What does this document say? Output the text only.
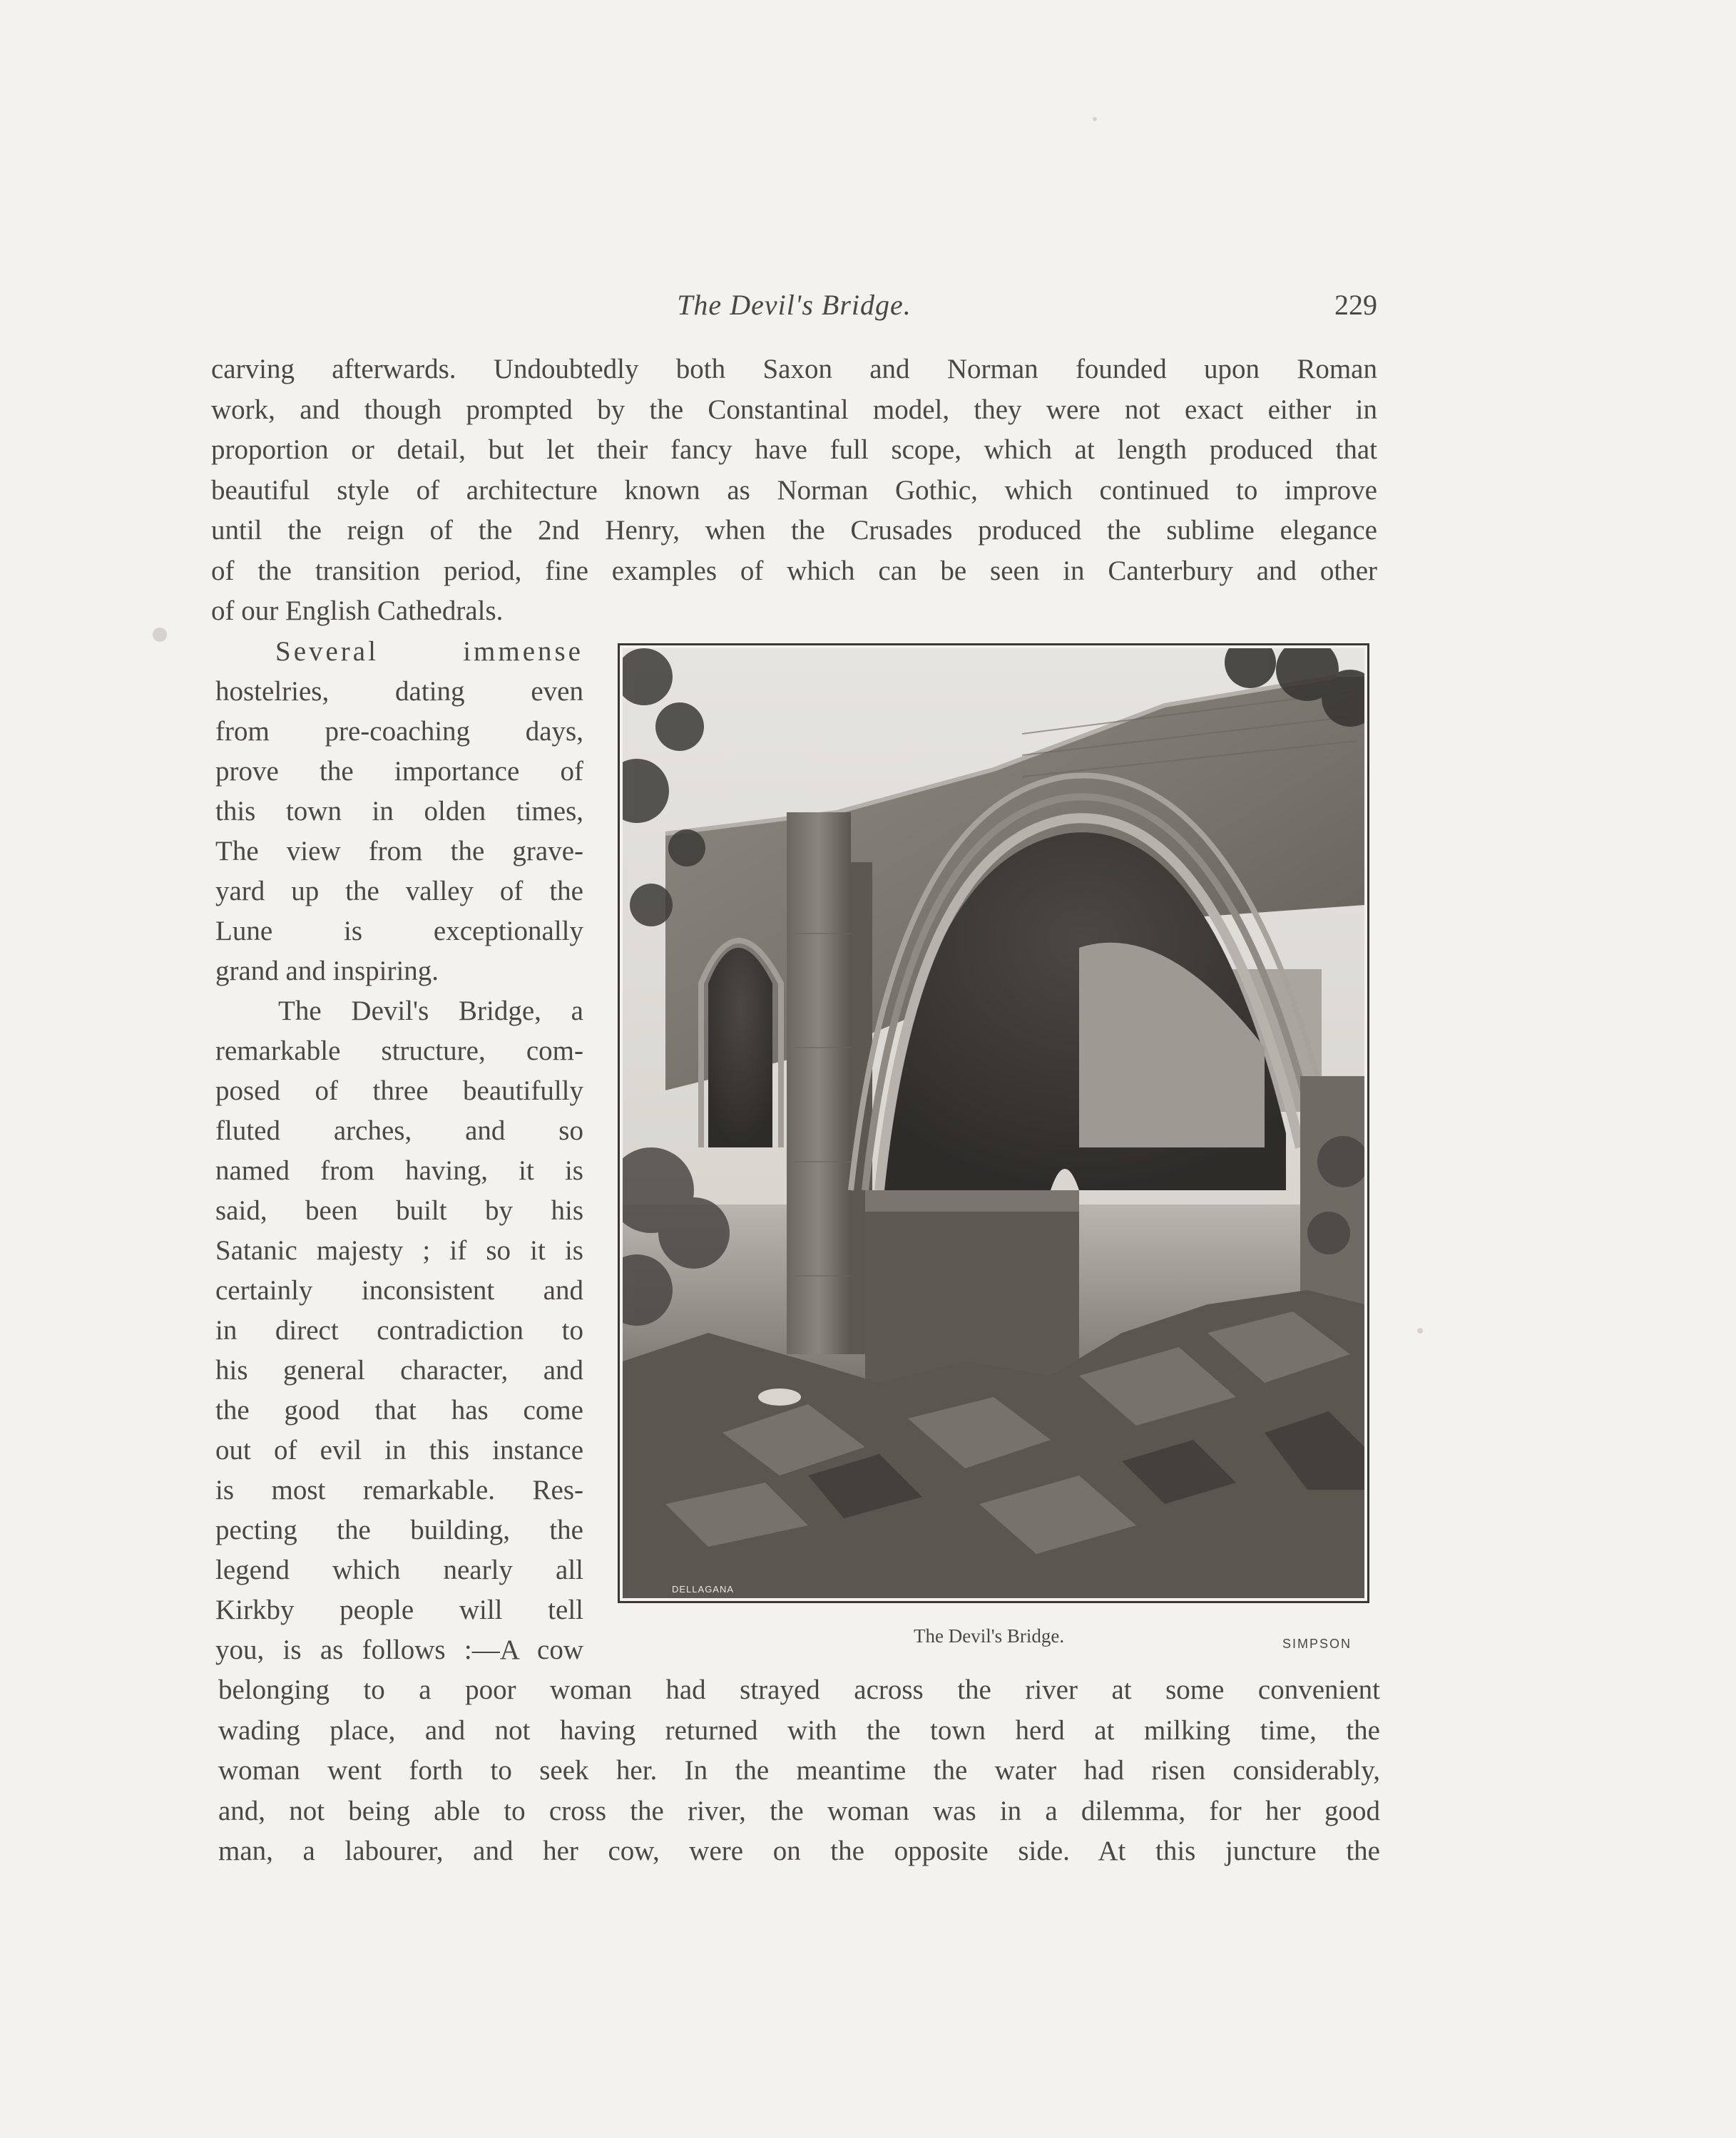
The Devil's Bridge.	229
carving afterwards. Undoubtedly both Saxon and Norman founded upon Roman
work, and though prompted by the Constantinal model, they were not exact either in
proportion or detail, but let their fancy have full scope, which at length produced that
beautiful style of architecture known as Norman Gothic, which continued to improve
until the reign of the 2nd Henry, when the Crusades produced the sublime elegance
of the transition period, fine examples of which can be seen in Canterbury and other
of our English Cathedrals.
Several immense
hostelries, dating even
from pre-coaching days,
prove the importance of
this town in olden times,
The view from the grave-
yard up the valley of the
Lune is exceptionally
grand and inspiring.
The Devil's Bridge, a
remarkable structure, com-
posed of three beautifully
fluted arches, and so
named from having, it is
said, been built by his
Satanic majesty ; if so it is
certainly inconsistent and
in direct contradiction to
his general character, and
the good that has come
out of evil in this instance
is most remarkable. Res-
pecting the building, the
legend which nearly all
Kirkby people will tell
you, is as follows :—A cow
DELLAGANA
The Devil's Bridge.	SIMPSON
belonging to a poor woman had strayed across the river at some convenient
wading place, and not having returned with the town herd at milking time, the
woman went forth to seek her. In the meantime the water had risen considerably,
and, not being able to cross the river, the woman was in a dilemma, for her good
man, a labourer, and her cow, were on the opposite side. At this juncture the
